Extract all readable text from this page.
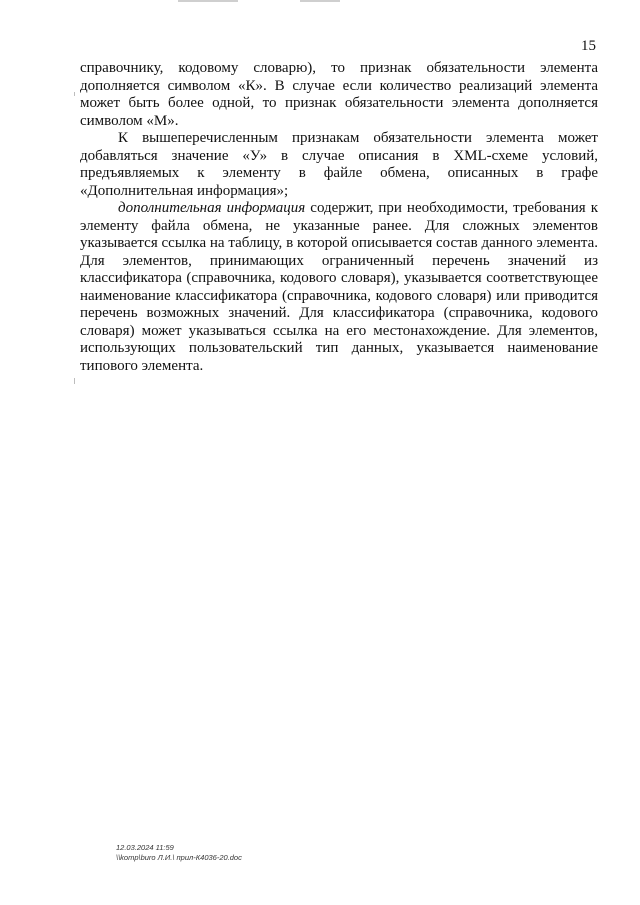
15

справочнику, кодовому словарю), то признак обязательности элемента дополняется символом «К». В случае если количество реализаций элемента может быть более одной, то признак обязательности элемента дополняется символом «М».

К вышеперечисленным признакам обязательности элемента может добавляться значение «У» в случае описания в XML-схеме условий, предъявляемых к элементу в файле обмена, описанных в графе «Дополнительная информация»;

дополнительная информация содержит, при необходимости, требования к элементу файла обмена, не указанные ранее. Для сложных элементов указывается ссылка на таблицу, в которой описывается состав данного элемента. Для элементов, принимающих ограниченный перечень значений из классификатора (справочника, кодового словаря), указывается соответствующее наименование классификатора (справочника, кодового словаря) или приводится перечень возможных значений. Для классификатора (справочника, кодового словаря) может указываться ссылка на его местонахождение. Для элементов, использующих пользовательский тип данных, указывается наименование типового элемента.

12.03.2024 11:59
\\komp\buro Л.И.\ прил-К4036-20.doc
